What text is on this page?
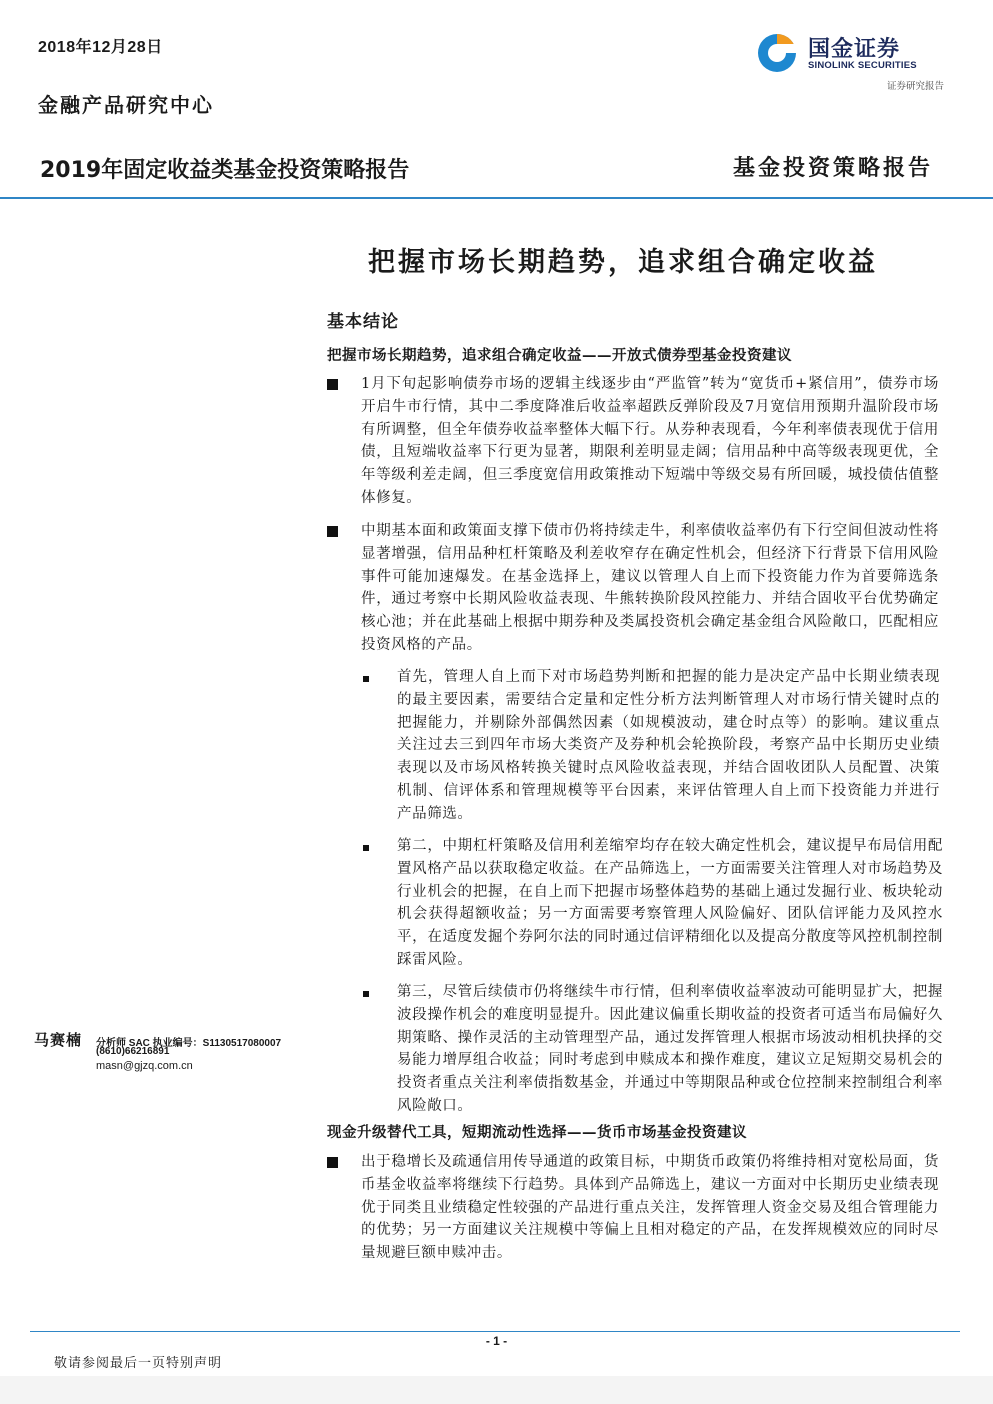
2018年12月28日
金融产品研究中心
国金证券
SINOLINK SECURITIES
证券研究报告
2019年固定收益类基金投资策略报告	基金投资策略报告
把握市场长期趋势，追求组合确定收益
基本结论
把握市场长期趋势，追求组合确定收益——开放式债券型基金投资建议
1月下旬起影响债券市场的逻辑主线逐步由“严监管”转为“宽货币+紧信用”，债券市场开启牛市行情，其中二季度降准后收益率超跌反弹阶段及7月宽信用预期升温阶段市场有所调整，但全年债券收益率整体大幅下行。从券种表现看，今年利率债表现优于信用债，且短端收益率下行更为显著，期限利差明显走阔；信用品种中高等级表现更优，全年等级利差走阔，但三季度宽信用政策推动下短端中等级交易有所回暖，城投债估值整体修复。
中期基本面和政策面支撑下债市仍将持续走牛，利率债收益率仍有下行空间但波动性将显著增强，信用品种杠杆策略及利差收窄存在确定性机会，但经济下行背景下信用风险事件可能加速爆发。在基金选择上，建议以管理人自上而下投资能力作为首要筛选条件，通过考察中长期风险收益表现、牛熊转换阶段风控能力、并结合固收平台优势确定核心池；并在此基础上根据中期券种及类属投资机会确定基金组合风险敞口，匹配相应投资风格的产品。
首先，管理人自上而下对市场趋势判断和把握的能力是决定产品中长期业绩表现的最主要因素，需要结合定量和定性分析方法判断管理人对市场行情关键时点的把握能力，并剔除外部偶然因素（如规模波动，建仓时点等）的影响。建议重点关注过去三到四年市场大类资产及券种机会轮换阶段，考察产品中长期历史业绩表现以及市场风格转换关键时点风险收益表现，并结合固收团队人员配置、决策机制、信评体系和管理规模等平台因素，来评估管理人自上而下投资能力并进行产品筛选。
第二，中期杠杆策略及信用利差缩窄均存在较大确定性机会，建议提早布局信用配置风格产品以获取稳定收益。在产品筛选上，一方面需要关注管理人对市场趋势及行业机会的把握，在自上而下把握市场整体趋势的基础上通过发掘行业、板块轮动机会获得超额收益；另一方面需要考察管理人风险偏好、团队信评能力及风控水平，在适度发掘个券阿尔法的同时通过信评精细化以及提高分散度等风控机制控制踩雷风险。
第三，尽管后续债市仍将继续牛市行情，但利率债收益率波动可能明显扩大，把握波段操作机会的难度明显提升。因此建议偏重长期收益的投资者可适当布局偏好久期策略、操作灵活的主动管理型产品，通过发挥管理人根据市场波动相机抉择的交易能力增厚组合收益；同时考虑到申赎成本和操作难度，建议立足短期交易机会的投资者重点关注利率债指数基金，并通过中等期限品种或仓位控制来控制组合利率风险敞口。
现金升级替代工具，短期流动性选择——货币市场基金投资建议
出于稳增长及疏通信用传导通道的政策目标，中期货币政策仍将维持相对宽松局面，货币基金收益率将继续下行趋势。具体到产品筛选上，建议一方面对中长期历史业绩表现优于同类且业绩稳定性较强的产品进行重点关注，发挥管理人资金交易及组合管理能力的优势；另一方面建议关注规模中等偏上且相对稳定的产品，在发挥规模效应的同时尽量规避巨额申赎冲击。
马赛楠 分析师 SAC 执业编号：S1130517080007
(8610)66216891
masn@gjzq.com.cn
- 1 -
敬请参阅最后一页特别声明
